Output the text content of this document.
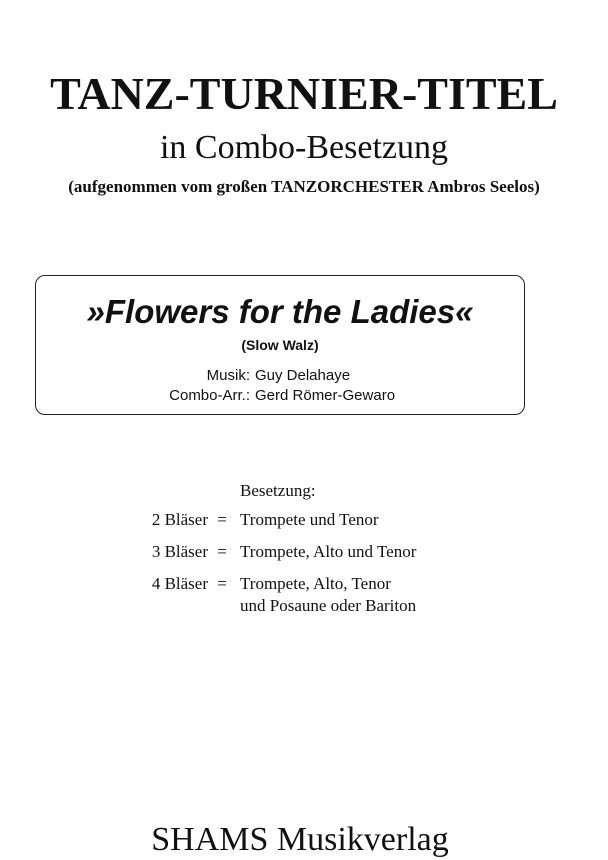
TANZ-TURNIER-TITEL
in Combo-Besetzung
(aufgenommen vom großen TANZORCHESTER Ambros Seelos)
»Flowers for the Ladies«
(Slow Walz)
Musik: Guy Delahaye
Combo-Arr.: Gerd Römer-Gewaro
Besetzung:
2 Bläser = Trompete und Tenor
3 Bläser = Trompete, Alto und Tenor
4 Bläser = Trompete, Alto, Tenor
und Posaune oder Bariton
SHAMS Musikverlag
